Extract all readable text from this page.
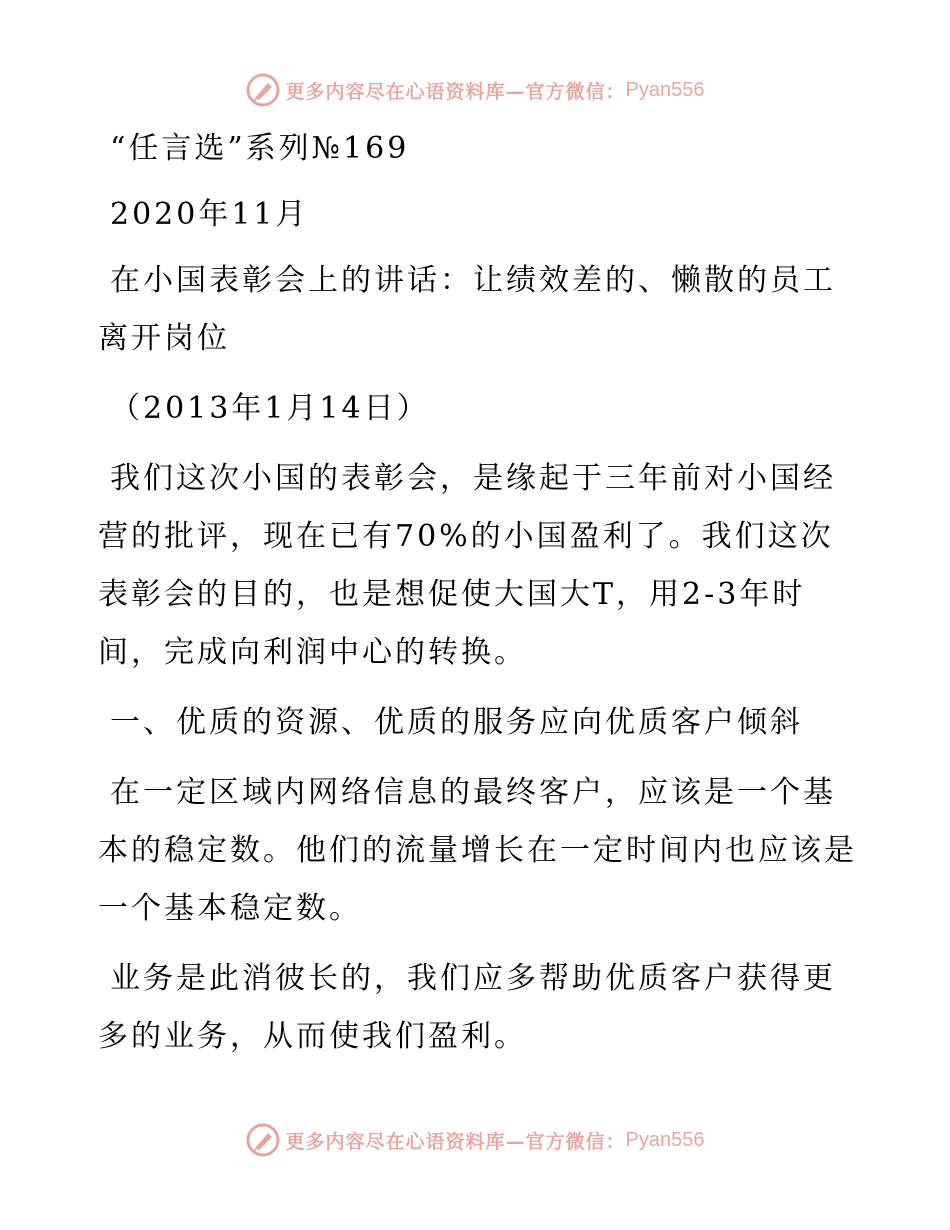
更多内容尽在心语资料库—官方微信： Pyan556

“任言选”系列№169

2020年11月

在小国表彰会上的讲话：让绩效差的、懒散的员工离开岗位

（2013年1月14日）

我们这次小国的表彰会，是缘起于三年前对小国经营的批评，现在已有70%的小国盈利了。我们这次表彰会的目的，也是想促使大国大T，用2-3年时间，完成向利润中心的转换。

一、优质的资源、优质的服务应向优质客户倾斜

在一定区域内网络信息的最终客户，应该是一个基本的稳定数。他们的流量增长在一定时间内也应该是一个基本稳定数。

业务是此消彼长的，我们应多帮助优质客户获得更多的业务，从而使我们盈利。

更多内容尽在心语资料库—官方微信： Pyan556
